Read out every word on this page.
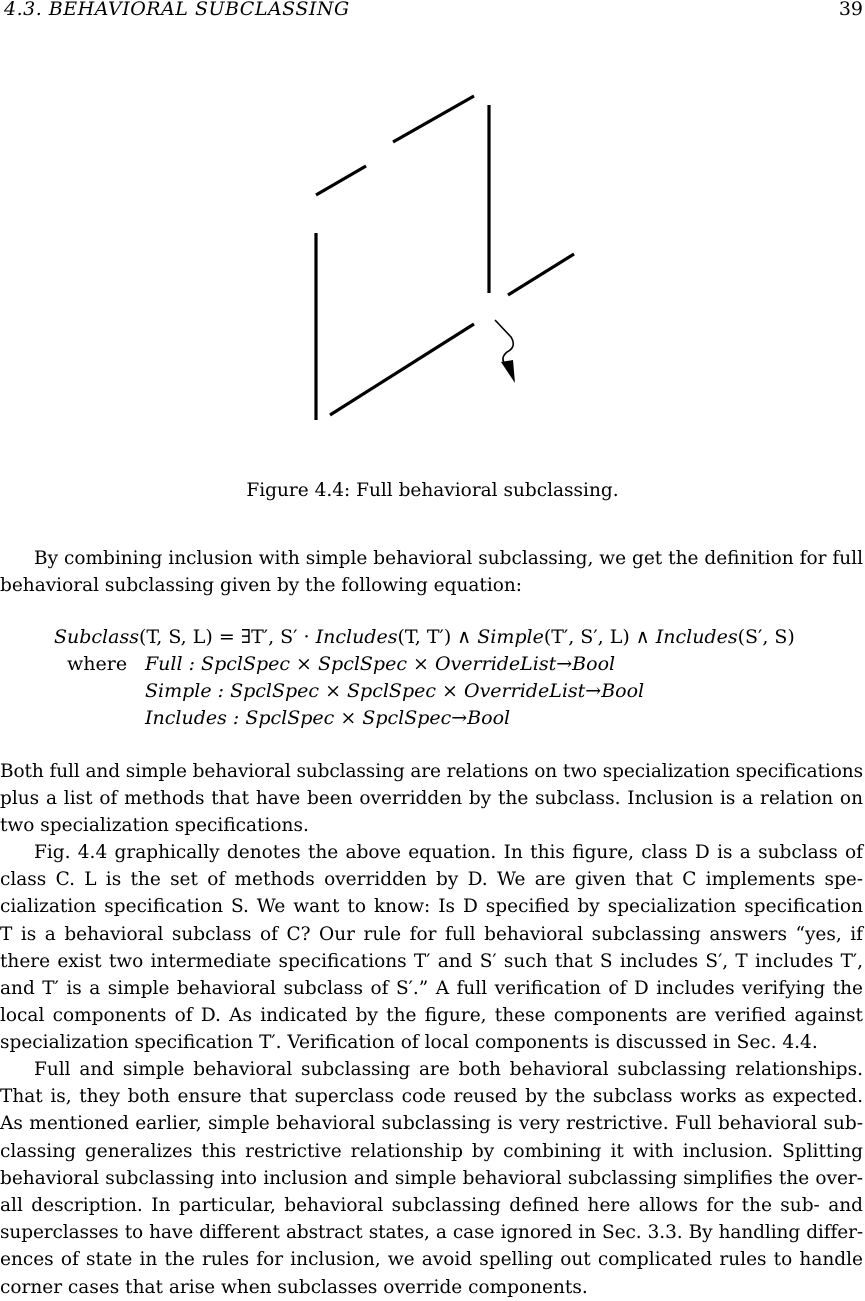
4.3. BEHAVIORAL SUBCLASSING	39
Figure 4.4: Full behavioral subclassing.
By combining inclusion with simple behavioral subclassing, we get the definition for full
behavioral subclassing given by the following equation:
Subclass(T, S, L) = ∃T′, S′ · Includes(T, T′) ∧ Simple(T′, S′, L) ∧ Includes(S′, S)
where Full : SpclSpec × SpclSpec × OverrideList→Bool
Simple : SpclSpec × SpclSpec × OverrideList→Bool
Includes : SpclSpec × SpclSpec→Bool
Both full and simple behavioral subclassing are relations on two specialization specifications
plus a list of methods that have been overridden by the subclass. Inclusion is a relation on
two specialization specifications.
Fig. 4.4 graphically denotes the above equation. In this figure, class D is a subclass of
class C. L is the set of methods overridden by D. We are given that C implements spe-
cialization specification S. We want to know: Is D specified by specialization specification
T is a behavioral subclass of C? Our rule for full behavioral subclassing answers “yes, if
there exist two intermediate specifications T′ and S′ such that S includes S′, T includes T′,
and T′ is a simple behavioral subclass of S′.” A full verification of D includes verifying the
local components of D. As indicated by the figure, these components are verified against
specialization specification T′. Verification of local components is discussed in Sec. 4.4.
Full and simple behavioral subclassing are both behavioral subclassing relationships.
That is, they both ensure that superclass code reused by the subclass works as expected.
As mentioned earlier, simple behavioral subclassing is very restrictive. Full behavioral sub-
classing generalizes this restrictive relationship by combining it with inclusion. Splitting
behavioral subclassing into inclusion and simple behavioral subclassing simplifies the over-
all description. In particular, behavioral subclassing defined here allows for the sub- and
superclasses to have different abstract states, a case ignored in Sec. 3.3. By handling differ-
ences of state in the rules for inclusion, we avoid spelling out complicated rules to handle
corner cases that arise when subclasses override components.
